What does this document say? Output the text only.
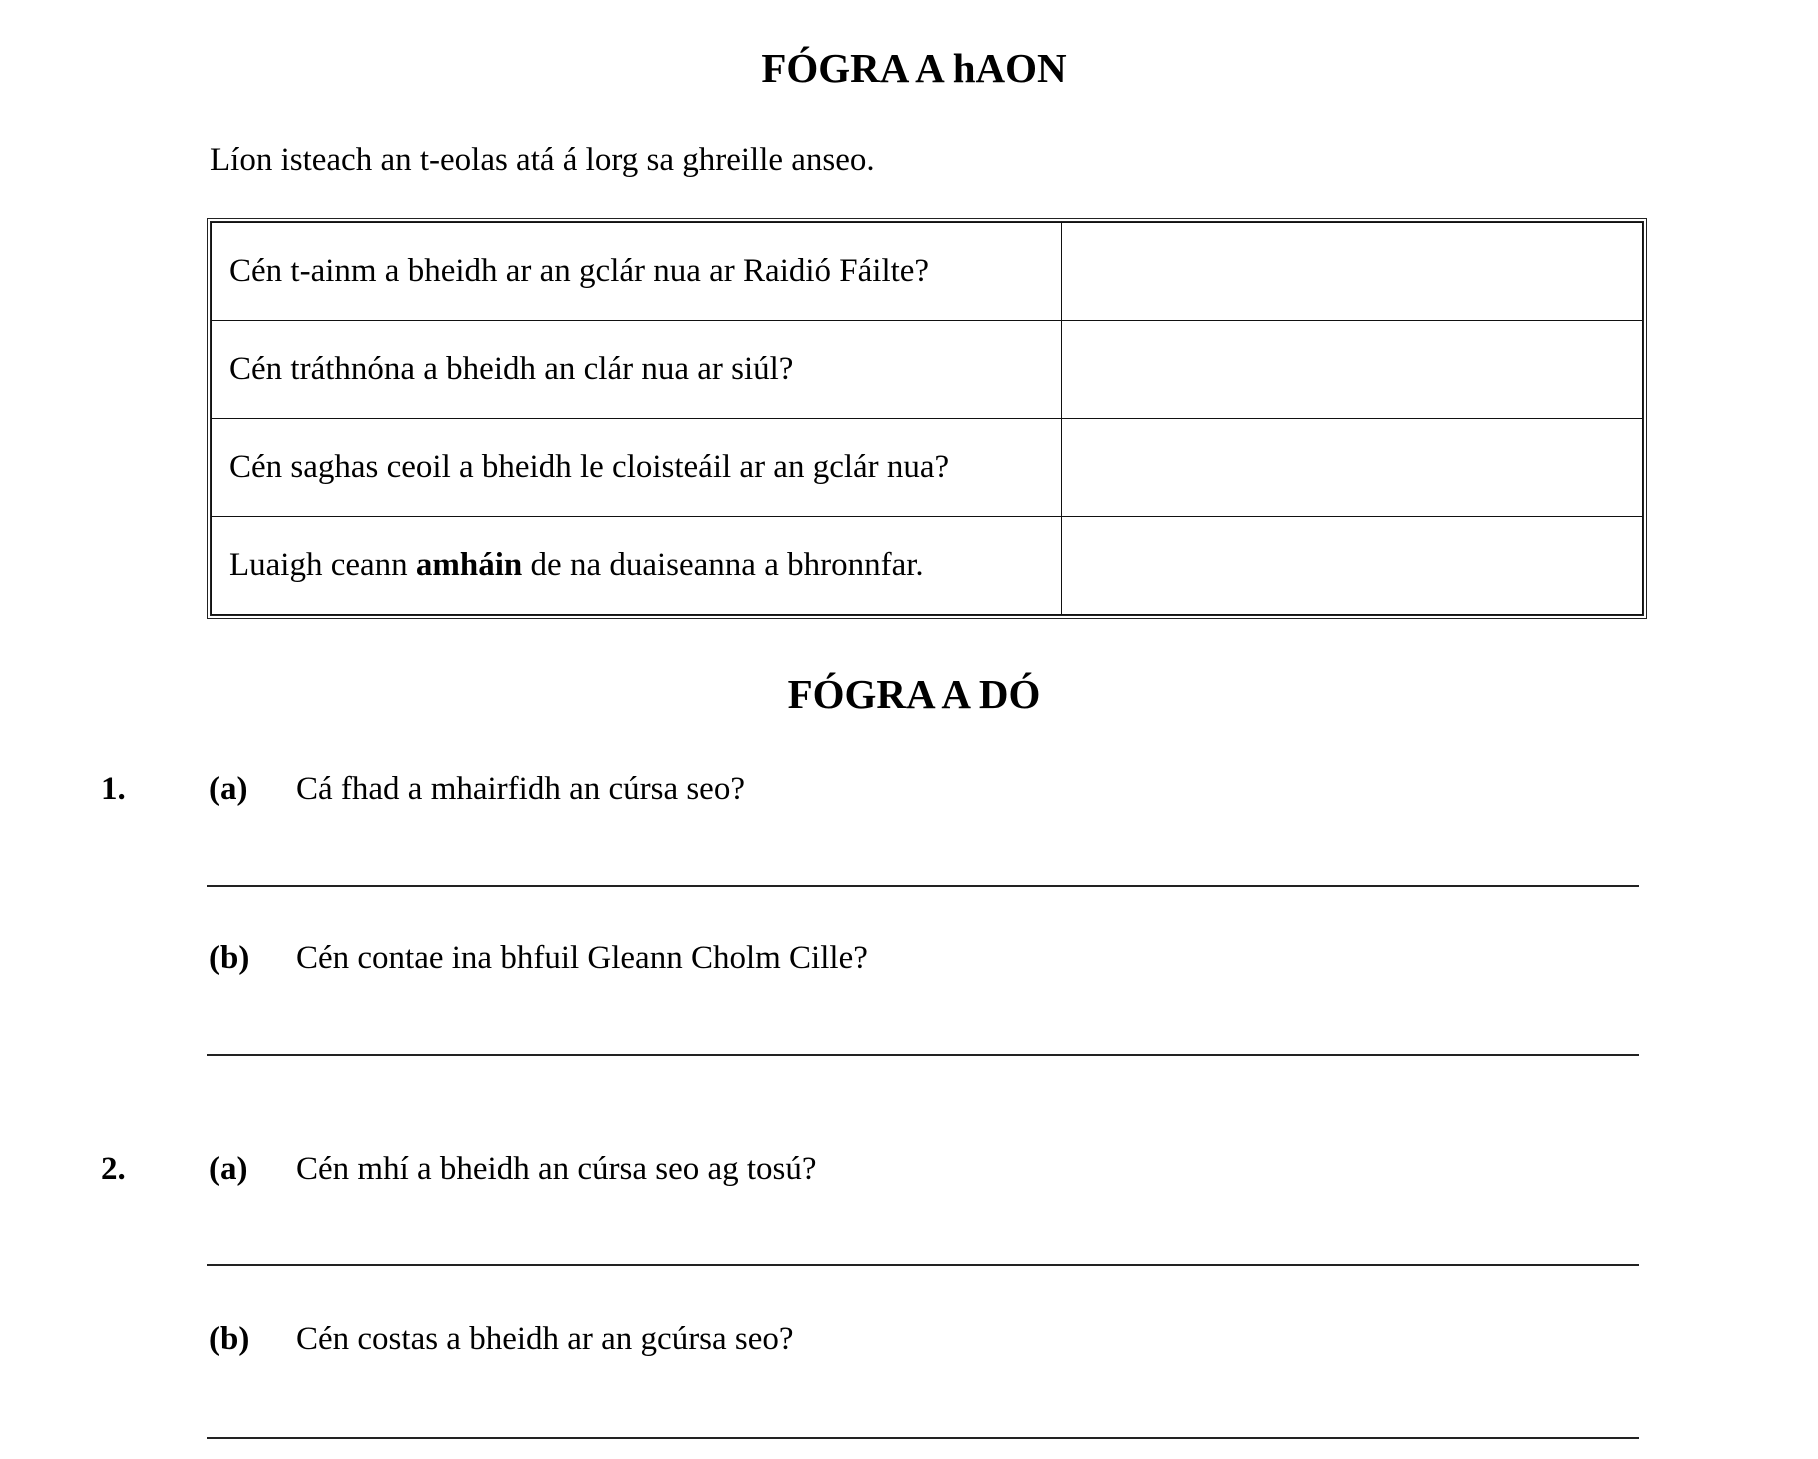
FÓGRA A hAON
Líon isteach an t-eolas atá á lorg sa ghreille anseo.
Cén t-ainm a bheidh ar an gclár nua ar Raidió Fáilte?	
Cén tráthnóna a bheidh an clár nua ar siúl?	
Cén saghas ceoil a bheidh le cloisteáil ar an gclár nua?	
Luaigh ceann amháin de na duaiseanna a bhronnfar.	
FÓGRA A DÓ
1.	(a) Cá fhad a mhairfidh an cúrsa seo?
(b) Cén contae ina bhfuil Gleann Cholm Cille?
2.	(a) Cén mhí a bheidh an cúrsa seo ag tosú?
(b) Cén costas a bheidh ar an gcúrsa seo?
